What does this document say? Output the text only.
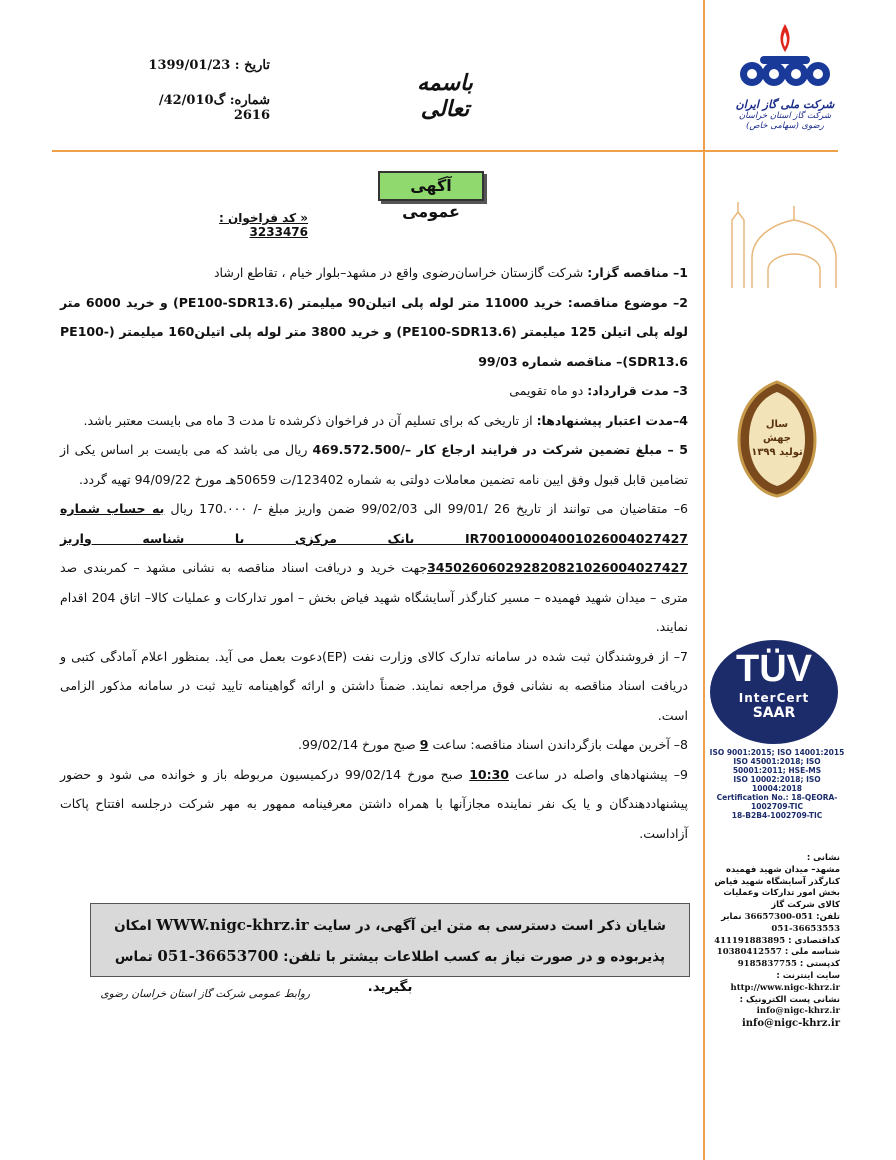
تاریخ : 1399/01/23
شماره: گ42/010/ 2616
باسمه تعالی	شرکت ملی گاز ایران
شرکت گاز استان خراسان رضوی (سهامی خاص)
سال جهش تولید ۱۳۹۹
TÜV
InterCert
SAAR
ISO 9001:2015; ISO 14001:2015
ISO 45001:2018; ISO 50001:2011; HSE-MS
ISO 10002:2018; ISO 10004:2018
Certification No.: 18-QEORA-1002709-TIC
18-B2B4-1002709-TIC
آگهی عمومی
« کد فراخوان : 3233476

1– مناقصه گزار: شرکت گازستان خراسان‌رضوی واقع در مشهد–بلوار خیام ، تقاطع ارشاد

2– موضوع مناقصه: خرید 11000 متر لوله پلی اتیلن90 میلیمتر (PE100-SDR13.6) و خرید 6000 متر لوله پلی اتیلن 125 میلیمتر (PE100-SDR13.6) و خرید 3800 متر لوله پلی اتیلن160 میلیمتر (PE100-SDR13.6)– مناقصه شماره 99/03

3– مدت قرارداد: دو ماه تقویمی

4–مدت اعتبار پیشنهادها: از تاریخی که برای تسلیم آن در فراخوان ذکرشده تا مدت 3 ماه می بایست معتبر باشد.

5 – مبلغ تضمین شرکت در فرایند ارجاع کار –/469.572.500 ریال می باشد که می بایست بر اساس یکی از تضامین قابل قبول وفق ایین نامه تضمین معاملات دولتی به شماره 123402/ت 50659هـ مورخ 94/09/22 تهیه گردد.

6– متقاضیان می توانند از تاریخ 26 /99/01 الی 99/02/03 ضمن واریز مبلغ -/ 170.۰۰۰ ریال به حساب شماره IR700100004001026004027427 بانک مرکزی با شناسه واریز 345026060292820821026004027427جهت خرید و دریافت اسناد مناقصه به نشانی مشهد – کمربندی صد متری – میدان شهید فهمیده – مسیر کنارگذر آسایشگاه شهید فیاض بخش – امور تدارکات و عملیات کالا– اتاق 204 اقدام نمایند.

7– از فروشندگان ثبت شده در سامانه تدارک کالای وزارت نفت (EP)دعوت بعمل می آید. بمنظور اعلام آمادگی کتبی و دریافت اسناد مناقصه به نشانی فوق مراجعه نمایند. ضمناً داشتن و ارائه گواهینامه تایید ثبت در سامانه مذکور الزامی است.

8– آخرین مهلت بازگرداندن اسناد مناقصه: ساعت 9 صبح مورخ 99/02/14.

9– پیشنهادهای واصله در ساعت 10:30 صبح مورخ 99/02/14 درکمیسیون مربوطه باز و خوانده می شود و حضور پیشنهاددهندگان و یا یک نفر نماینده مجازآنها با همراه داشتن معرفینامه ممهور به مهر شرکت درجلسه افتتاح پاکات آزاداست.

شایان ذکر است دسترسی به متن این آگهی، در سایت WWW.nigc-khrz.ir امکان
پذیربوده و در صورت نیاز به کسب اطلاعات بیشتر با تلفن: 36653700-051 تماس بگیرید.
روابط عمومی شرکت گاز استان خراسان رضوی
نشانی :
مشهد– میدان شهید فهمیده کنارگذر آسایشگاه شهید فیاض بخش امور تدارکات وعملیات کالای شرکت گاز
تلفن: 051-36657300 نمابر
051-36653553
کداقتصادی : 411191883895
شناسه ملی : 10380412557
کدپستی : 9185837755
سایت اینترنت :
http://www.nigc-khrz.ir
نشانی پست الکترونیک :
info@nigc-khrz.ir
info@nigc-khrz.ir
